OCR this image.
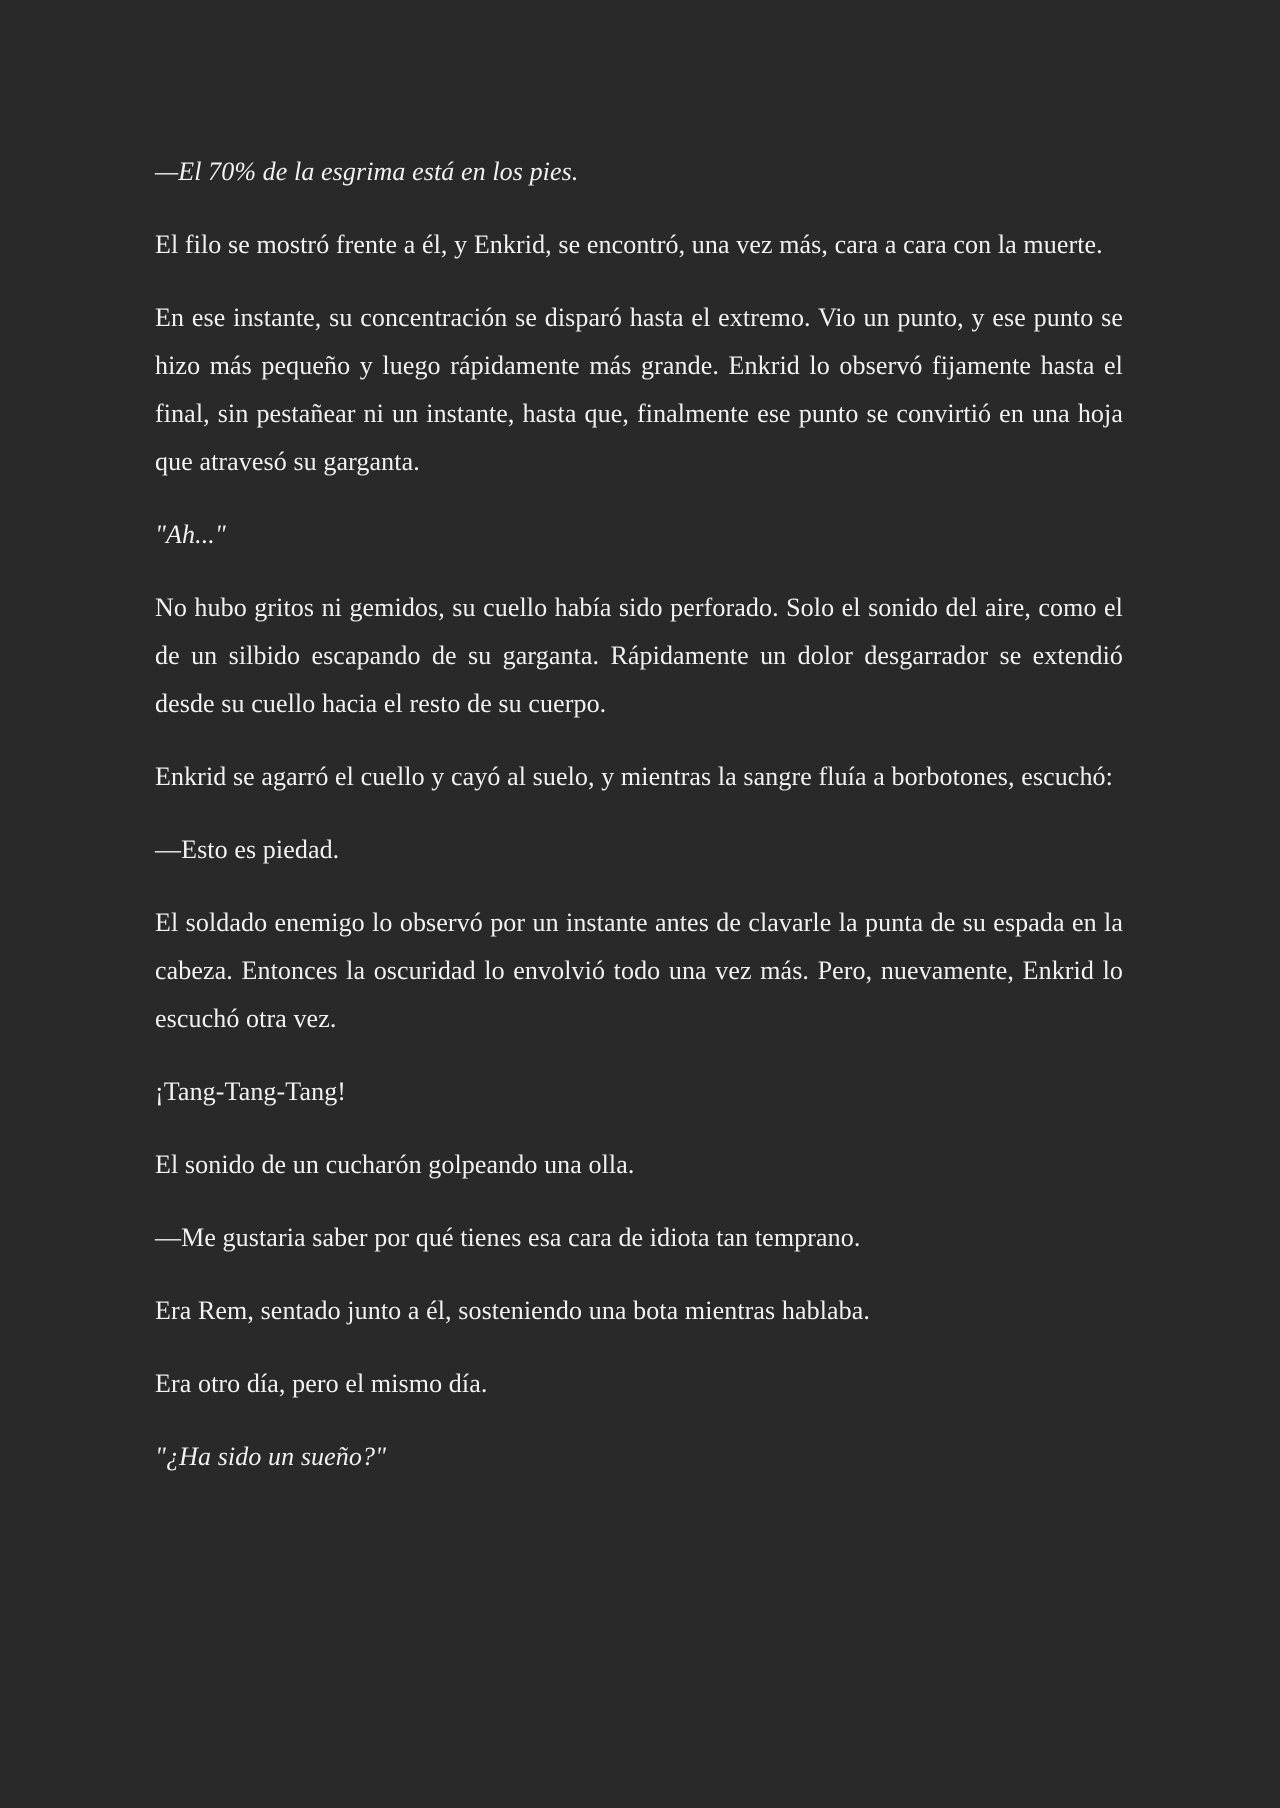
—El 70% de la esgrima está en los pies.

El filo se mostró frente a él, y Enkrid, se encontró, una vez más, cara a cara con la muerte.

En ese instante, su concentración se disparó hasta el extremo. Vio un punto, y ese punto se hizo más pequeño y luego rápidamente más grande. Enkrid lo observó fijamente hasta el final, sin pestañear ni un instante, hasta que, finalmente ese punto se convirtió en una hoja que atravesó su garganta.

"Ah..."

No hubo gritos ni gemidos, su cuello había sido perforado. Solo el sonido del aire, como el de un silbido escapando de su garganta. Rápidamente un dolor desgarrador se extendió desde su cuello hacia el resto de su cuerpo.

Enkrid se agarró el cuello y cayó al suelo, y mientras la sangre fluía a borbotones, escuchó:

—Esto es piedad.

El soldado enemigo lo observó por un instante antes de clavarle la punta de su espada en la cabeza. Entonces la oscuridad lo envolvió todo una vez más. Pero, nuevamente, Enkrid lo escuchó otra vez.

¡Tang-Tang-Tang!

El sonido de un cucharón golpeando una olla.

—Me gustaria saber por qué tienes esa cara de idiota tan temprano.

Era Rem, sentado junto a él, sosteniendo una bota mientras hablaba.

Era otro día, pero el mismo día.

"¿Ha sido un sueño?"
